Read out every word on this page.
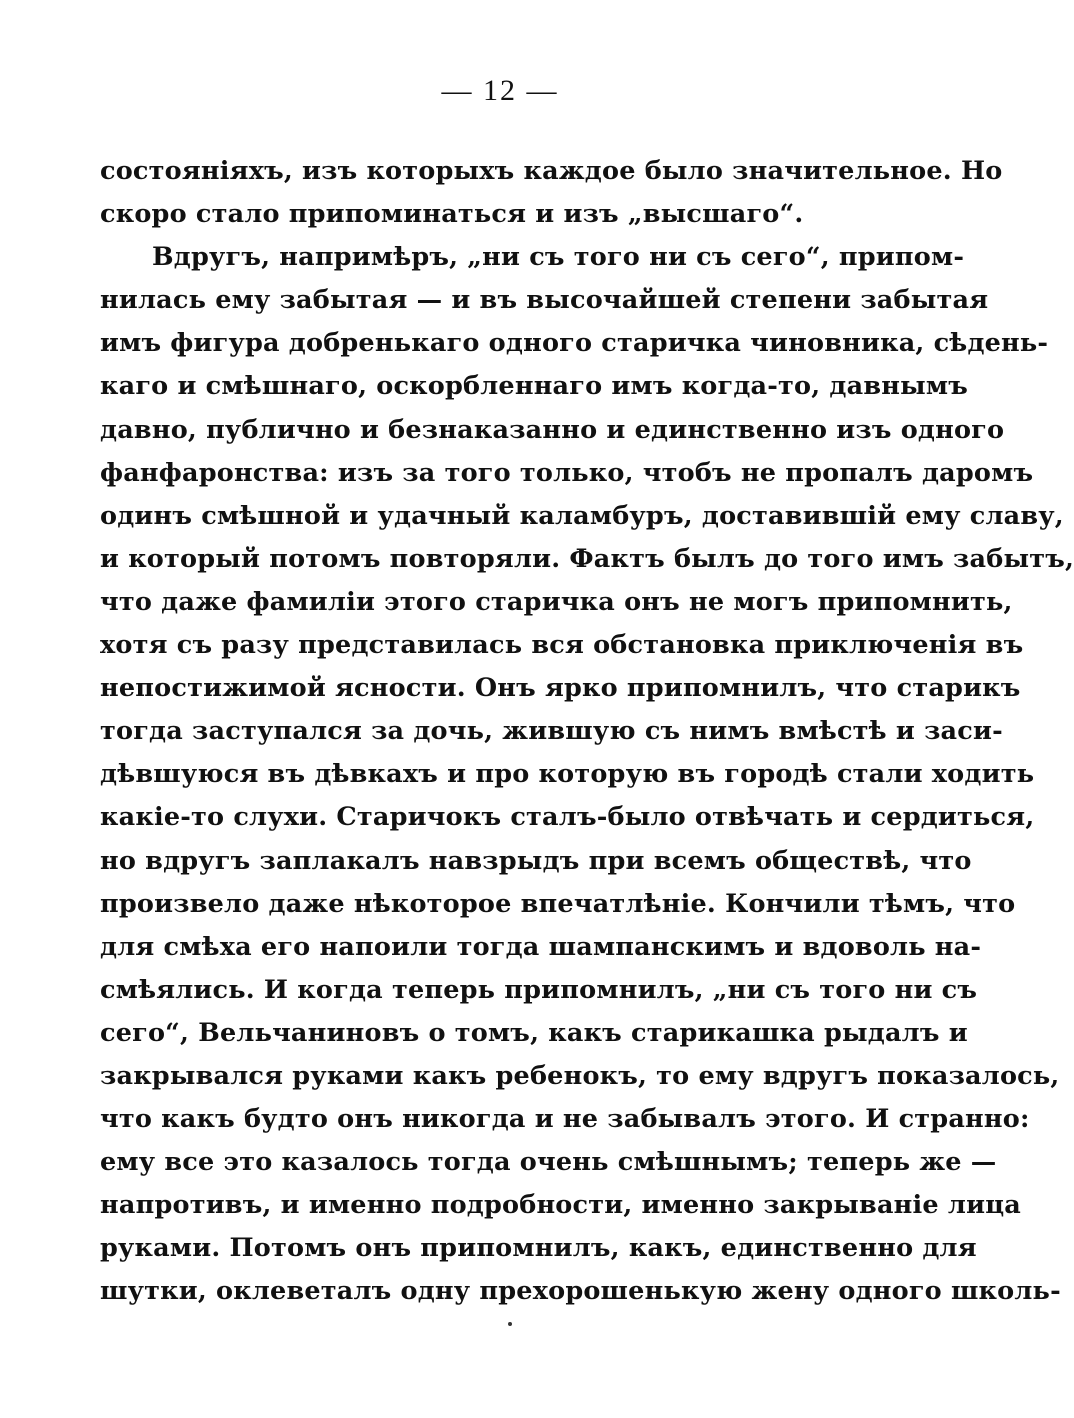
— 12 —
состоянiяхъ, изъ которыхъ каждое было значительное. Но
скоро стало припоминаться и изъ „высшаго“.
Вдругъ, напримѣръ, „ни съ того ни съ сего“, припом-
нилась ему забытая — и въ высочайшей степени забытая
имъ фигура добренькаго одного старичка чиновника, сѣдень-
каго и смѣшнаго, оскорбленнаго имъ когда-то, давнымъ
давно, публично и безнаказанно и единственно изъ одного
фанфаронства: изъ за того только, чтобъ не пропалъ даромъ
одинъ смѣшной и удачный каламбуръ, доставившiй ему славу,
и который потомъ повторяли. Фактъ былъ до того имъ забытъ,
что даже фамилiи этого старичка онъ не могъ припомнить,
хотя съ разу представилась вся обстановка приключенiя въ
непостижимой ясности. Онъ ярко припомнилъ, что старикъ
тогда заступался за дочь, жившую съ нимъ вмѣстѣ и заси-
дѣвшуюся въ дѣвкахъ и про которую въ городѣ стали ходить
какiе-то слухи. Старичокъ сталъ-было отвѣчать и сердиться,
но вдругъ заплакалъ навзрыдъ при всемъ обществѣ, что
произвело даже нѣкоторое впечатлѣнiе. Кончили тѣмъ, что
для смѣха его напоили тогда шампанскимъ и вдоволь на-
смѣялись. И когда теперь припомнилъ, „ни съ того ни съ
сего“, Вельчаниновъ о томъ, какъ старикашка рыдалъ и
закрывался руками какъ ребенокъ, то ему вдругъ показалось,
что какъ будто онъ никогда и не забывалъ этого. И странно:
ему все это казалось тогда очень смѣшнымъ; теперь же —
напротивъ, и именно подробности, именно закрыванiе лица
руками. Потомъ онъ припомнилъ, какъ, единственно для
шутки, оклеветалъ одну прехорошенькую жену одного школь-
